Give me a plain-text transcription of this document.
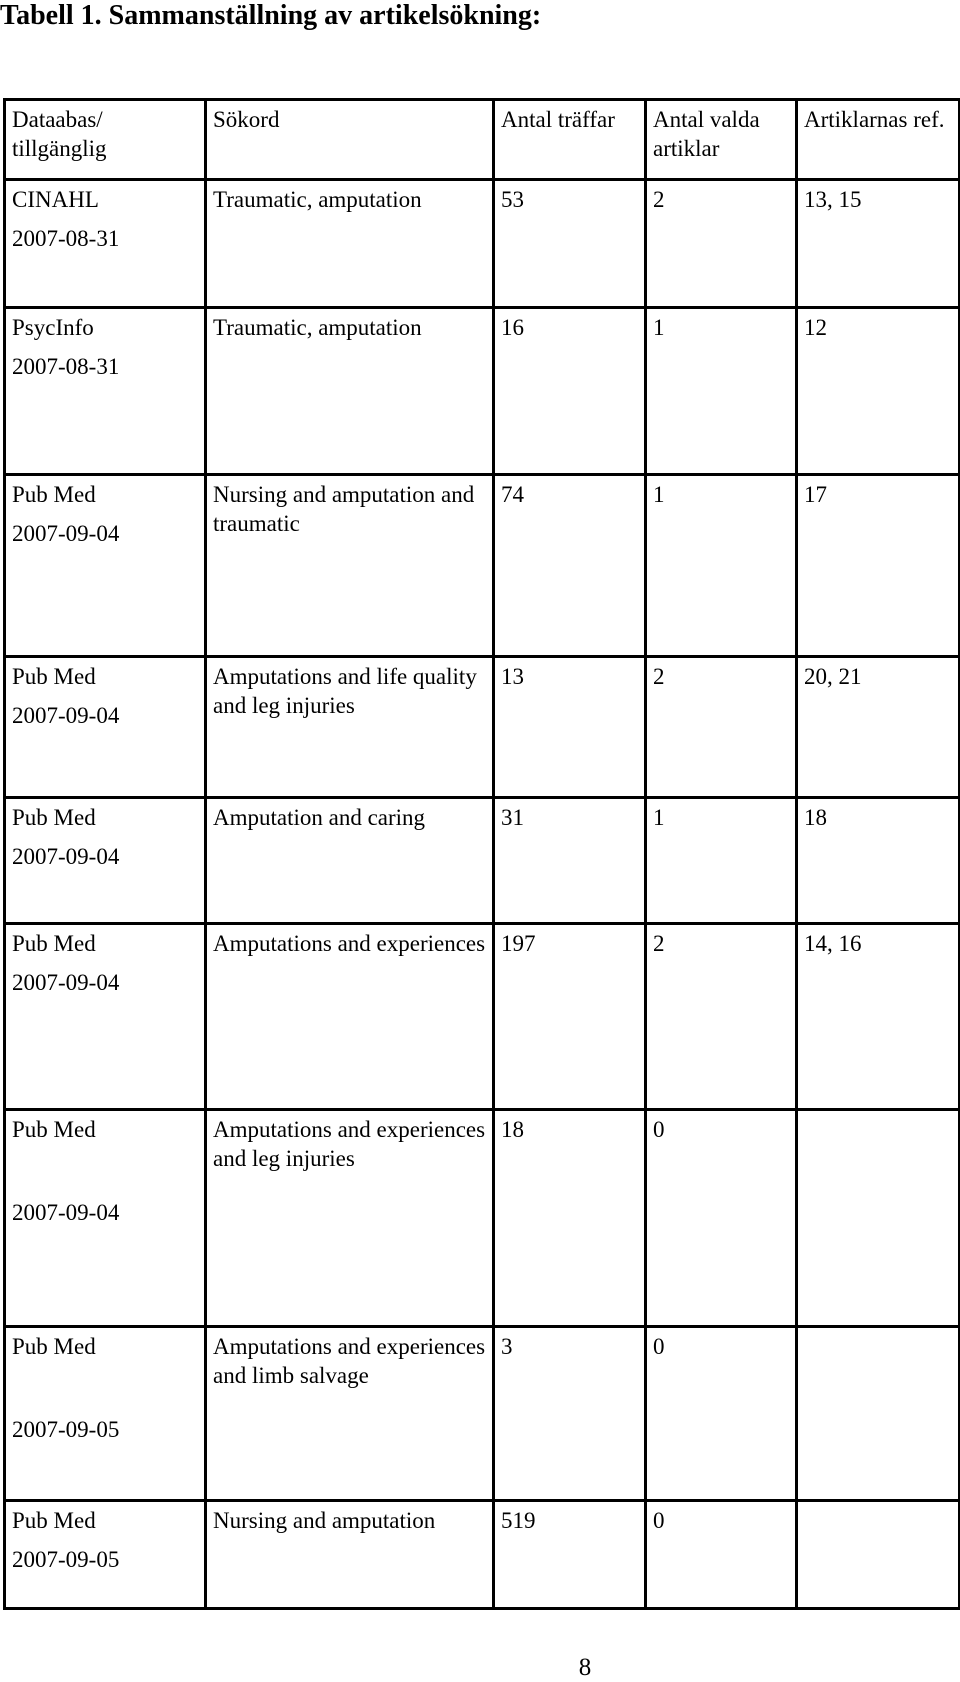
Tabell 1. Sammanställning av artikelsökning:
Dataabas/ tillgänglig	Sökord	Antal träffar	Antal valda artiklar	Artiklarnas ref.

CINAHL
2007-08-31	Traumatic, amputation	53	2	13, 15

PsycInfo
2007-08-31	Traumatic, amputation	16	1	12

Pub Med
2007-09-04	Nursing and amputation and traumatic	74	1	17

Pub Med
2007-09-04	Amputations and life quality and leg injuries	13	2	20, 21

Pub Med
2007-09-04	Amputation and caring	31	1	18

Pub Med
2007-09-04	Amputations and experiences	197	2	14, 16

Pub Med
2007-09-04	Amputations and experiences and leg injuries	18	0	

Pub Med
2007-09-05	Amputations and experiences and limb salvage	3	0	

Pub Med
2007-09-05	Nursing and amputation	519	0	
8
